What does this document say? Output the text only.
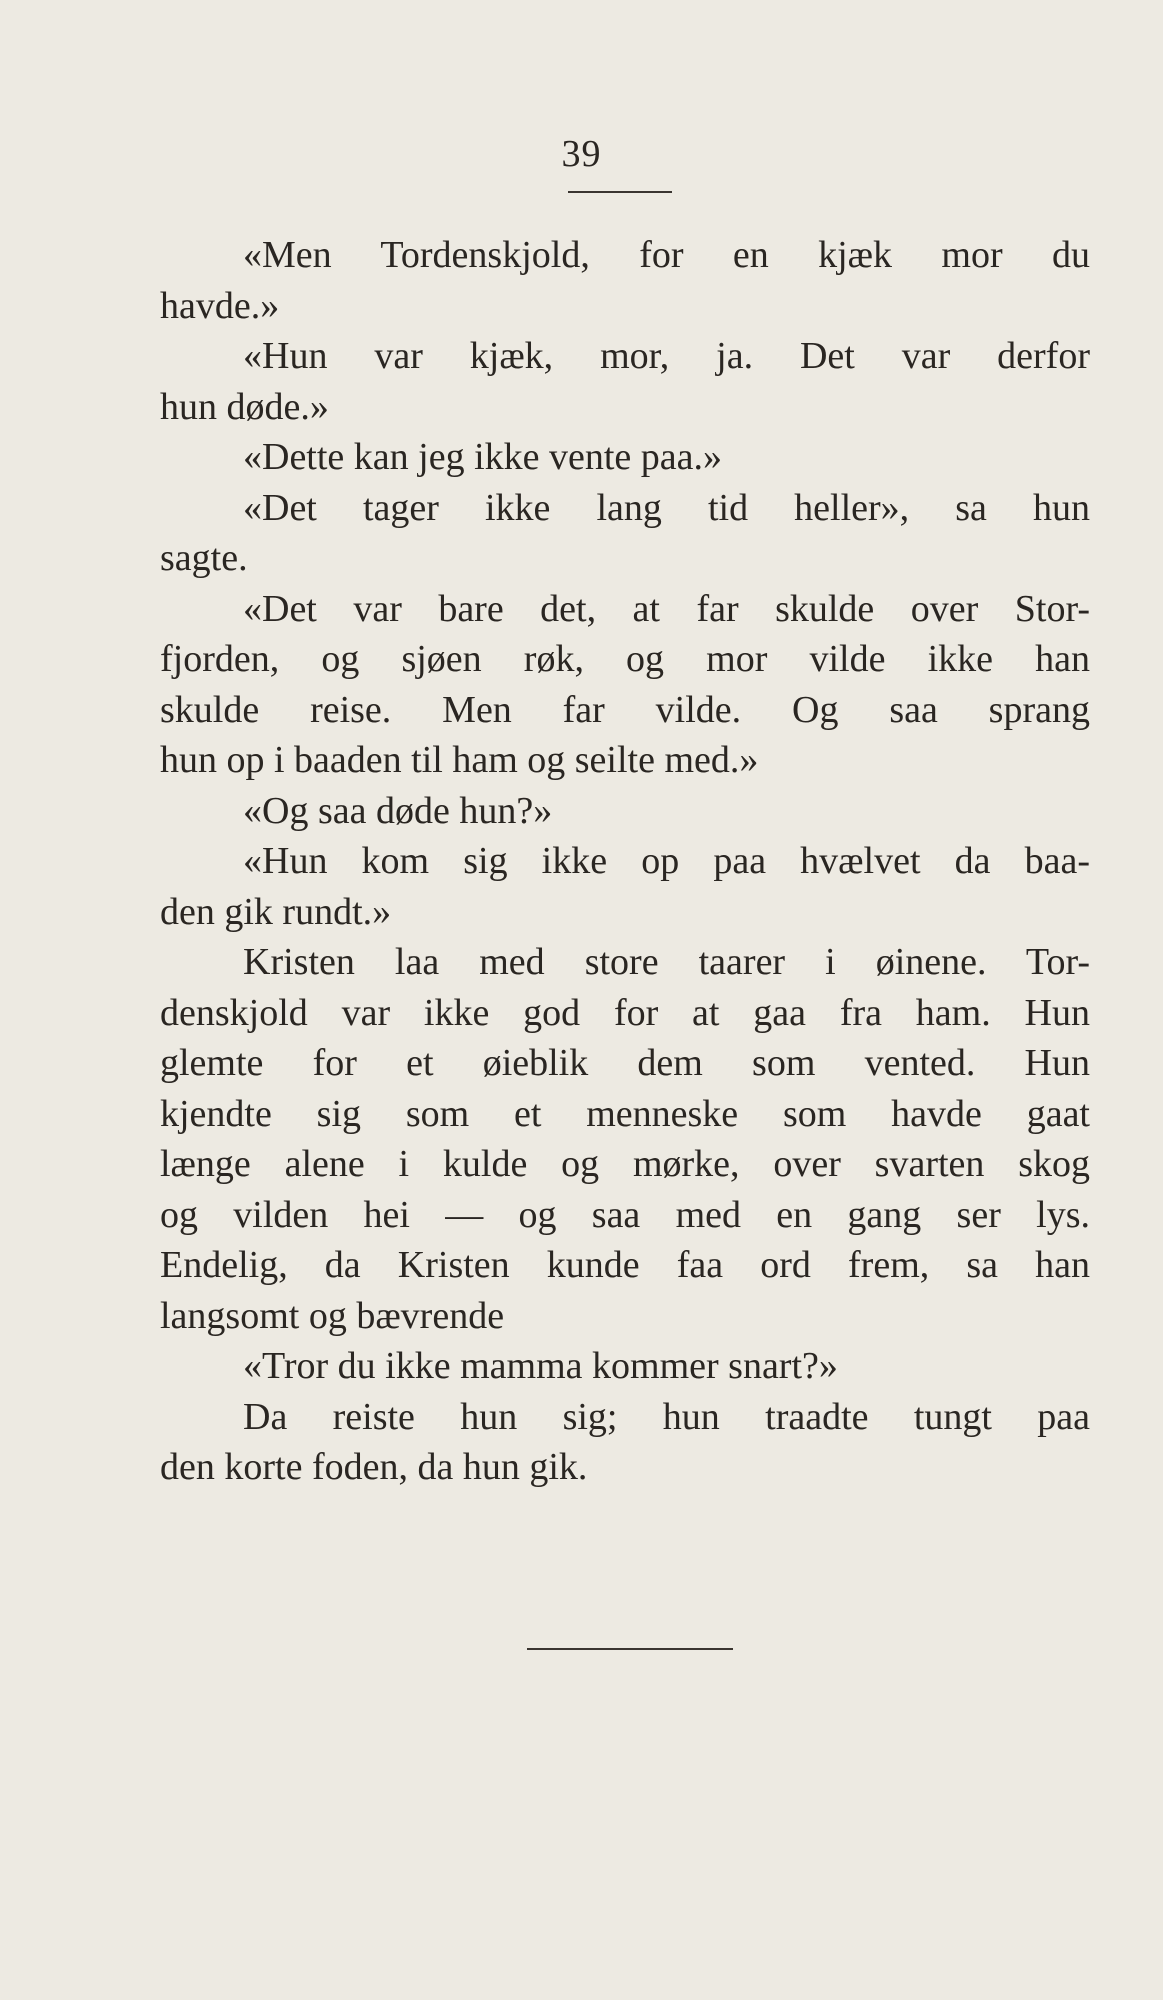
39
«Men Tordenskjold, for en kjæk mor du
havde.»
«Hun var kjæk, mor, ja. Det var derfor
hun døde.»
«Dette kan jeg ikke vente paa.»
«Det tager ikke lang tid heller», sa hun
sagte.
«Det var bare det, at far skulde over Stor-
fjorden, og sjøen røk, og mor vilde ikke han
skulde reise. Men far vilde. Og saa sprang
hun op i baaden til ham og seilte med.»
«Og saa døde hun?»
«Hun kom sig ikke op paa hvælvet da baa-
den gik rundt.»
Kristen laa med store taarer i øinene. Tor-
denskjold var ikke god for at gaa fra ham. Hun
glemte for et øieblik dem som vented. Hun
kjendte sig som et menneske som havde gaat
længe alene i kulde og mørke, over svarten skog
og vilden hei — og saa med en gang ser lys.
Endelig, da Kristen kunde faa ord frem, sa han
langsomt og bævrende
«Tror du ikke mamma kommer snart?»
Da reiste hun sig; hun traadte tungt paa
den korte foden, da hun gik.
